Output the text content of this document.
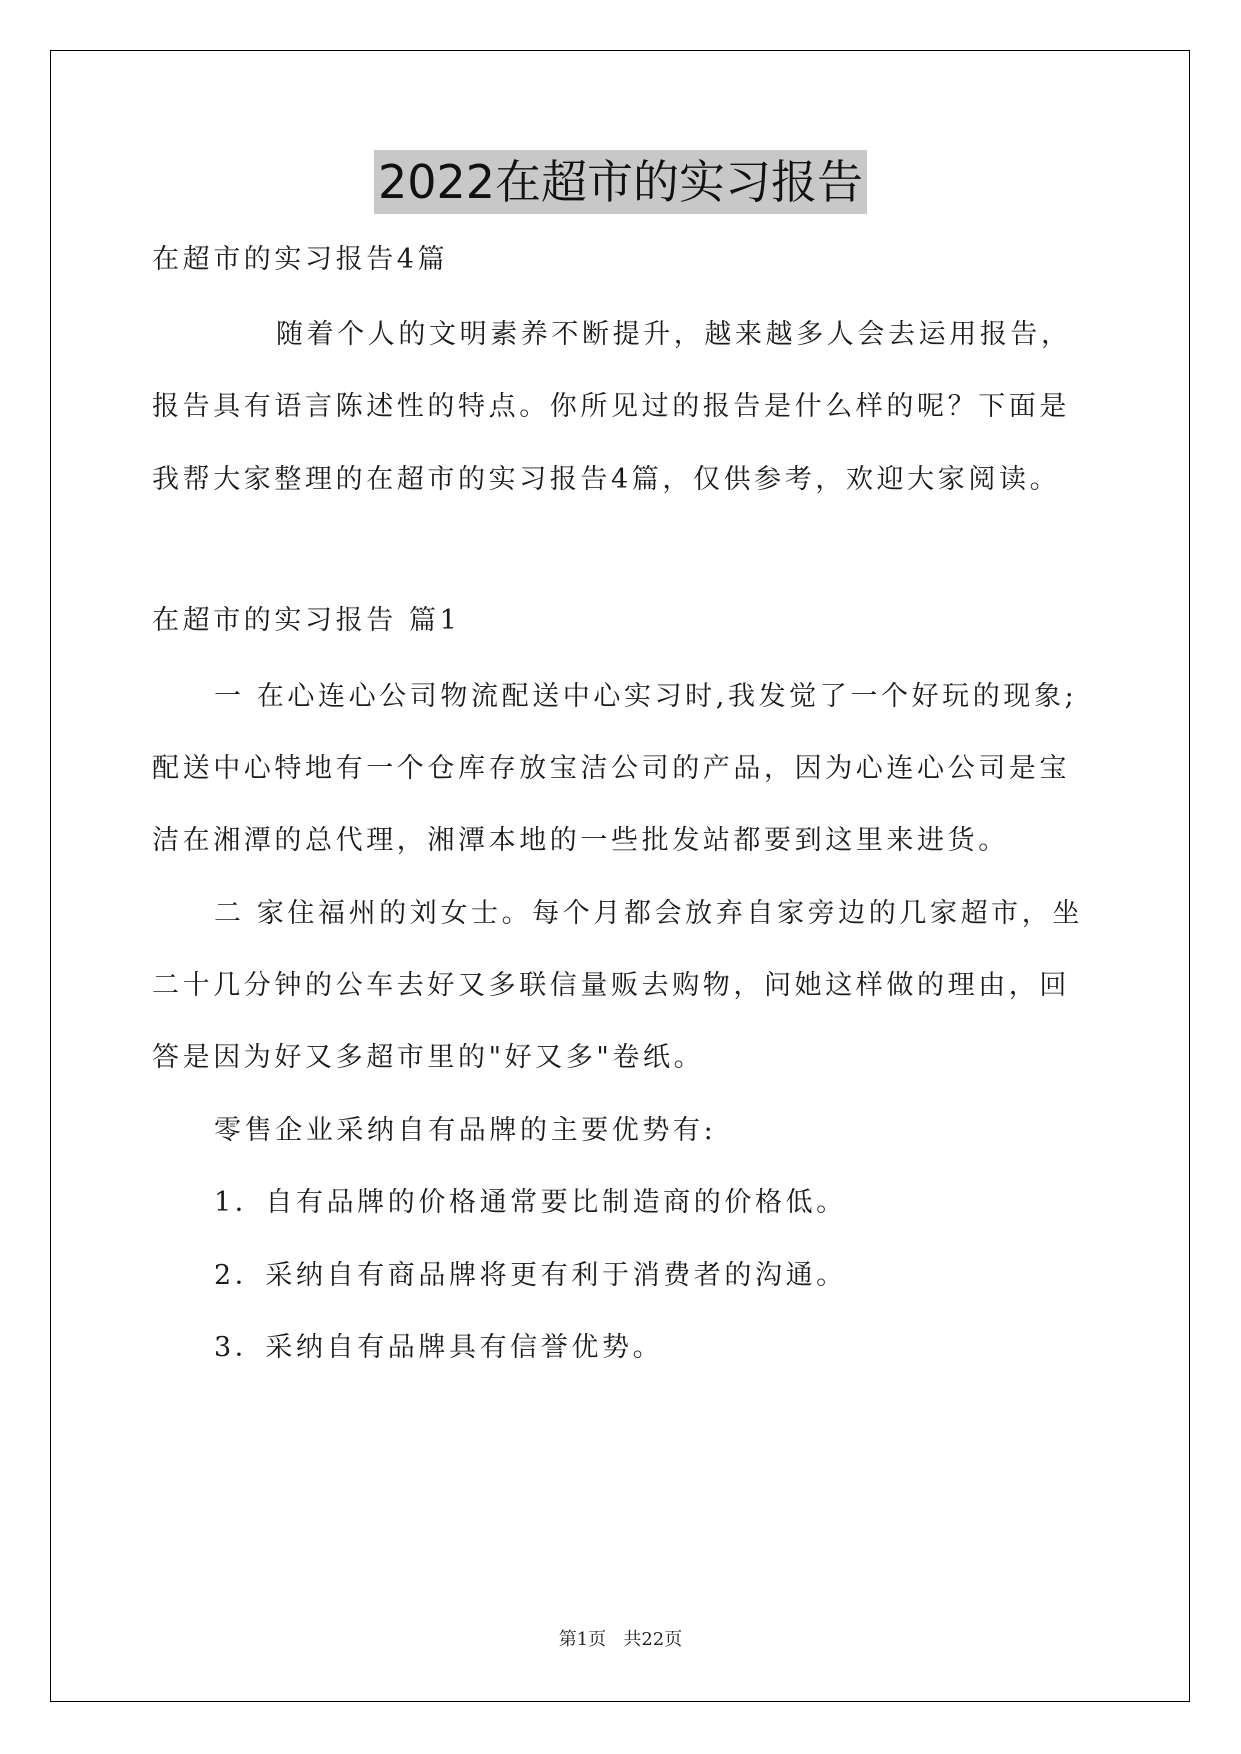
2022在超市的实习报告
在超市的实习报告4篇
随着个人的文明素养不断提升，越来越多人会去运用报告，
报告具有语言陈述性的特点。你所见过的报告是什么样的呢？下面是
我帮大家整理的在超市的实习报告4篇，仅供参考，欢迎大家阅读。
在超市的实习报告 篇1
一 在心连心公司物流配送中心实习时,我发觉了一个好玩的现象;
配送中心特地有一个仓库存放宝洁公司的产品，因为心连心公司是宝
洁在湘潭的总代理，湘潭本地的一些批发站都要到这里来进货。
二 家住福州的刘女士。每个月都会放弃自家旁边的几家超市，坐
二十几分钟的公车去好又多联信量贩去购物，问她这样做的理由，回
答是因为好又多超市里的"好又多"卷纸。
零售企业采纳自有品牌的主要优势有:
1．自有品牌的价格通常要比制造商的价格低。
2．采纳自有商品牌将更有利于消费者的沟通。
3．采纳自有品牌具有信誉优势。
第1页   共22页
